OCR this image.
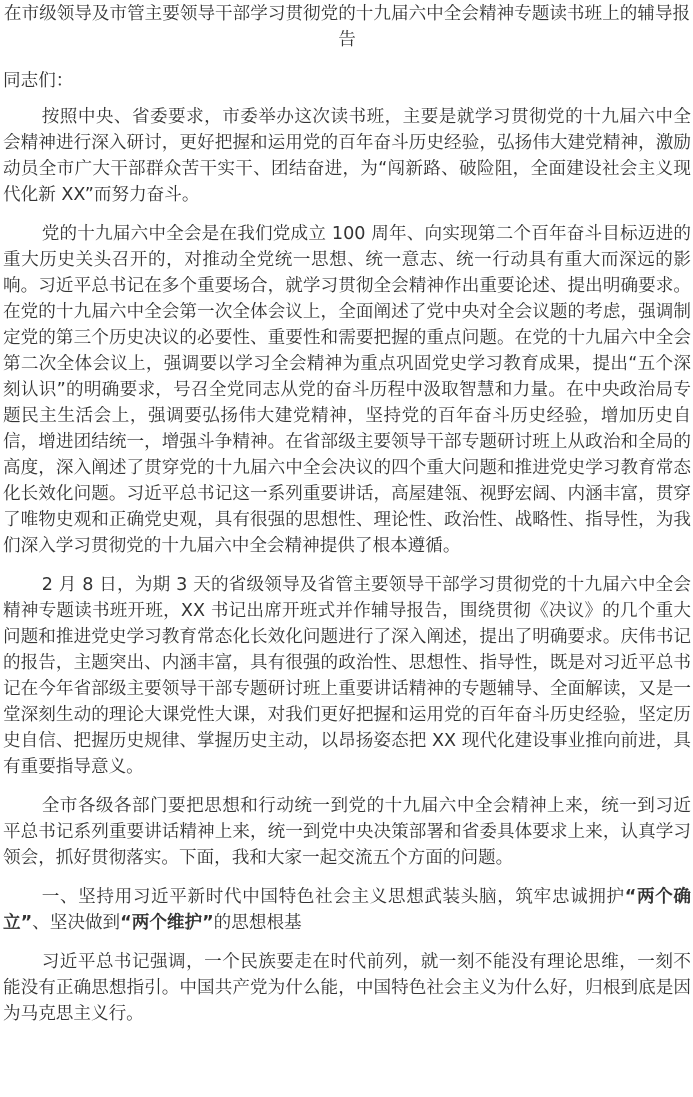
在市级领导及市管主要领导干部学习贯彻党的十九届六中全会精神专题读书班上的辅导报告

同志们：

按照中央、省委要求，市委举办这次读书班，主要是就学习贯彻党的十九届六中全会精神进行深入研讨，更好把握和运用党的百年奋斗历史经验，弘扬伟大建党精神，激励动员全市广大干部群众苦干实干、团结奋进，为“闯新路、破险阻，全面建设社会主义现代化新 XX”而努力奋斗。

党的十九届六中全会是在我们党成立 100 周年、向实现第二个百年奋斗目标迈进的重大历史关头召开的，对推动全党统一思想、统一意志、统一行动具有重大而深远的影响。习近平总书记在多个重要场合，就学习贯彻全会精神作出重要论述、提出明确要求。在党的十九届六中全会第一次全体会议上，全面阐述了党中央对全会议题的考虑，强调制定党的第三个历史决议的必要性、重要性和需要把握的重点问题。在党的十九届六中全会第二次全体会议上，强调要以学习全会精神为重点巩固党史学习教育成果，提出“五个深刻认识”的明确要求，号召全党同志从党的奋斗历程中汲取智慧和力量。在中央政治局专题民主生活会上，强调要弘扬伟大建党精神，坚持党的百年奋斗历史经验，增加历史自信，增进团结统一，增强斗争精神。在省部级主要领导干部专题研讨班上从政治和全局的高度，深入阐述了贯穿党的十九届六中全会决议的四个重大问题和推进党史学习教育常态化长效化问题。习近平总书记这一系列重要讲话，高屋建瓴、视野宏阔、内涵丰富，贯穿了唯物史观和正确党史观，具有很强的思想性、理论性、政治性、战略性、指导性，为我们深入学习贯彻党的十九届六中全会精神提供了根本遵循。

2 月 8 日，为期 3 天的省级领导及省管主要领导干部学习贯彻党的十九届六中全会精神专题读书班开班，XX 书记出席开班式并作辅导报告，围绕贯彻《决议》的几个重大问题和推进党史学习教育常态化长效化问题进行了深入阐述，提出了明确要求。庆伟书记的报告，主题突出、内涵丰富，具有很强的政治性、思想性、指导性，既是对习近平总书记在今年省部级主要领导干部专题研讨班上重要讲话精神的专题辅导、全面解读，又是一堂深刻生动的理论大课党性大课，对我们更好把握和运用党的百年奋斗历史经验，坚定历史自信、把握历史规律、掌握历史主动，以昂扬姿态把 XX 现代化建设事业推向前进，具有重要指导意义。

全市各级各部门要把思想和行动统一到党的十九届六中全会精神上来，统一到习近平总书记系列重要讲话精神上来，统一到党中央决策部署和省委具体要求上来，认真学习领会，抓好贯彻落实。下面，我和大家一起交流五个方面的问题。

一、坚持用习近平新时代中国特色社会主义思想武装头脑，筑牢忠诚拥护“两个确立”、坚决做到“两个维护”的思想根基

习近平总书记强调，一个民族要走在时代前列，就一刻不能没有理论思维，一刻不能没有正确思想指引。中国共产党为什么能，中国特色社会主义为什么好，归根到底是因为马克思主义行。
